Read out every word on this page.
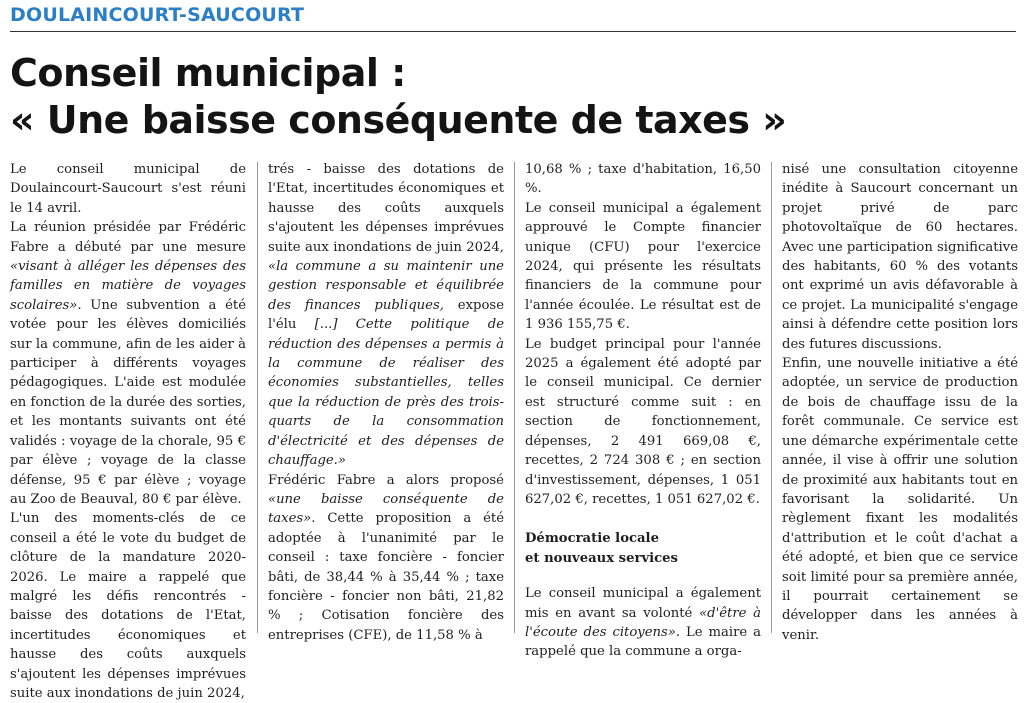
DOULAINCOURT-SAUCOURT
Conseil municipal :
« Une baisse conséquente de taxes »

Le conseil municipal de Doulaincourt-Saucourt s'est réuni le 14 avril.

La réunion présidée par Frédéric Fabre a débuté par une mesure «visant à alléger les dépenses des familles en matière de voyages scolaires». Une subvention a été votée pour les élèves domiciliés sur la commune, afin de les aider à participer à différents voyages pédagogiques. L'aide est modulée en fonction de la durée des sorties, et les montants suivants ont été validés : voyage de la chorale, 95 € par élève ; voyage de la classe défense, 95 € par élève ; voyage au Zoo de Beauval, 80 € par élève.

L'un des moments-clés de ce conseil a été le vote du budget de clôture de la mandature 2020-2026. Le maire a rappelé que malgré les défis rencontrés - baisse des dotations de l'Etat, incertitudes économiques et hausse des coûts auxquels s'ajoutent les dépenses imprévues suite aux inondations de juin 2024,

trés - baisse des dotations de l'Etat, incertitudes économiques et hausse des coûts auxquels s'ajoutent les dépenses imprévues suite aux inondations de juin 2024, «la commune a su maintenir une gestion responsable et équilibrée des finances publiques, expose l'élu [...] Cette politique de réduction des dépenses a permis à la commune de réaliser des économies substantielles, telles que la réduction de près des trois-quarts de la consommation d'électricité et des dépenses de chauffage.»

Frédéric Fabre a alors proposé «une baisse conséquente de taxes». Cette proposition a été adoptée à l'unanimité par le conseil : taxe foncière - foncier bâti, de 38,44 % à 35,44 % ; taxe foncière - foncier non bâti, 21,82 % ; Cotisation foncière des entreprises (CFE), de 11,58 % à

10,68 % ; taxe d'habitation, 16,50 %.

Le conseil municipal a également approuvé le Compte financier unique (CFU) pour l'exercice 2024, qui présente les résultats financiers de la commune pour l'année écoulée. Le résultat est de 1 936 155,75 €.

Le budget principal pour l'année 2025 a également été adopté par le conseil municipal. Ce dernier est structuré comme suit : en section de fonctionnement, dépenses, 2 491 669,08 €, recettes, 2 724 308 € ; en section d'investissement, dépenses, 1 051 627,02 €, recettes, 1 051 627,02 €.

Démocratie locale
et nouveaux services

Le conseil municipal a également mis en avant sa volonté «d'être à l'écoute des citoyens». Le maire a rappelé que la commune a orga-

nisé une consultation citoyenne inédite à Saucourt concernant un projet privé de parc photovoltaïque de 60 hectares. Avec une participation significative des habitants, 60 % des votants ont exprimé un avis défavorable à ce projet. La municipalité s'engage ainsi à défendre cette position lors des futures discussions.

Enfin, une nouvelle initiative a été adoptée, un service de production de bois de chauffage issu de la forêt communale. Ce service est une démarche expérimentale cette année, il vise à offrir une solution de proximité aux habitants tout en favorisant la solidarité. Un règlement fixant les modalités d'attribution et le coût d'achat a été adopté, et bien que ce service soit limité pour sa première année, il pourrait certainement se développer dans les années à venir.
